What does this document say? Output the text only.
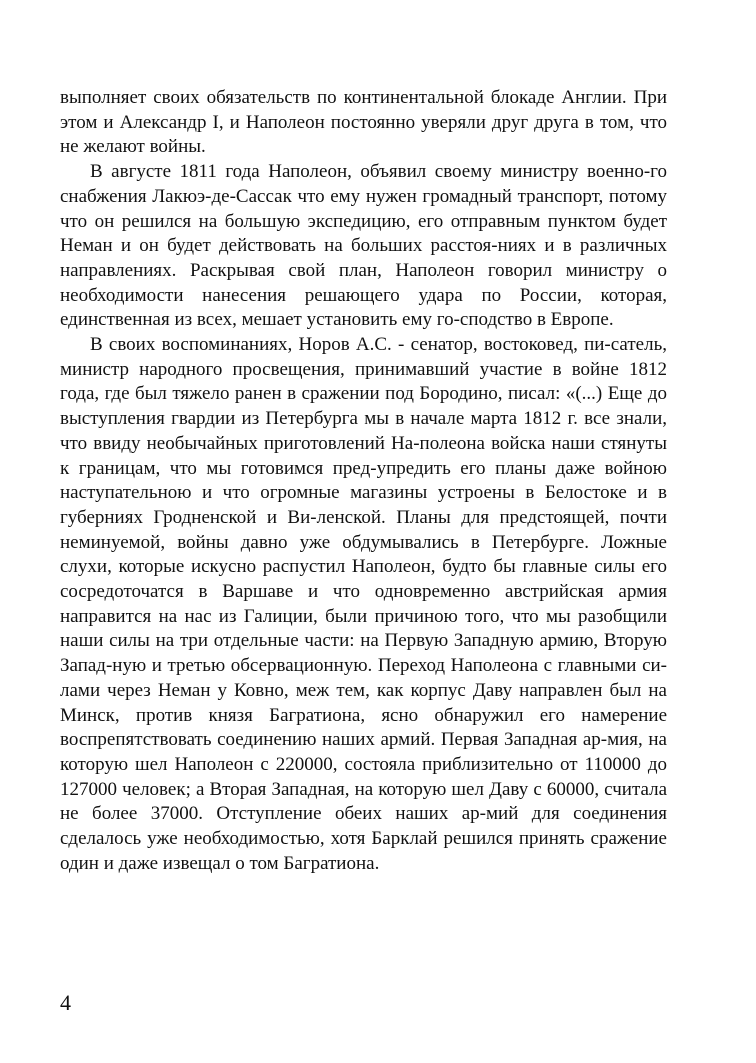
выполняет своих обязательств по континентальной блокаде Англии. При этом и Александр I, и Наполеон постоянно уверяли друг друга в том, что не желают войны.

В августе 1811 года Наполеон, объявил своему министру военно-го снабжения Лакюэ-де-Сассак что ему нужен громадный транспорт, потому что он решился на большую экспедицию, его отправным пунктом будет Неман и он будет действовать на больших расстоя-ниях и в различных направлениях. Раскрывая свой план, Наполеон говорил министру о необходимости нанесения решающего удара по России, которая, единственная из всех, мешает установить ему го-сподство в Европе.

В своих воспоминаниях, Норов А.С. - сенатор, востоковед, пи-сатель, министр народного просвещения, принимавший участие в войне 1812 года, где был тяжело ранен в сражении под Бородино, писал: «(...) Еще до выступления гвардии из Петербурга мы в начале марта 1812 г. все знали, что ввиду необычайных приготовлений На-полеона войска наши стянуты к границам, что мы готовимся пред-упредить его планы даже войною наступательною и что огромные магазины устроены в Белостоке и в губерниях Гродненской и Ви-ленской. Планы для предстоящей, почти неминуемой, войны давно уже обдумывались в Петербурге. Ложные слухи, которые искусно распустил Наполеон, будто бы главные силы его сосредоточатся в Варшаве и что одновременно австрийская армия направится на нас из Галиции, были причиною того, что мы разобщили наши силы на три отдельные части: на Первую Западную армию, Вторую Запад-ную и третью обсервационную. Переход Наполеона с главными си-лами через Неман у Ковно, меж тем, как корпус Даву направлен был на Минск, против князя Багратиона, ясно обнаружил его намерение воспрепятствовать соединению наших армий. Первая Западная ар-мия, на которую шел Наполеон с 220000, состояла приблизительно от 110000 до 127000 человек; а Вторая Западная, на которую шел Даву с 60000, считала не более 37000. Отступление обеих наших ар-мий для соединения сделалось уже необходимостью, хотя Барклай решился принять сражение один и даже извещал о том Багратиона.

4
